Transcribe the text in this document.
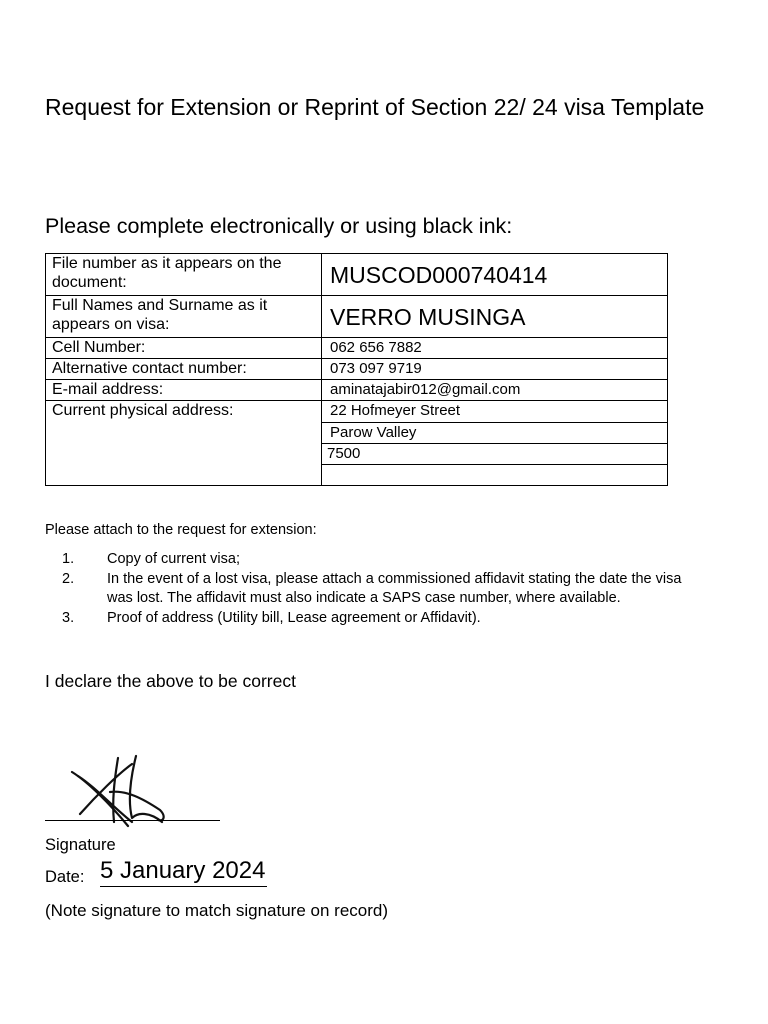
Request for Extension or Reprint of Section 22/ 24 visa Template

Please complete electronically or using black ink:

File number as it appears on the document:	MUSCOD000740414
Full Names and Surname as it appears on visa:	VERRO MUSINGA
Cell Number:	062 656 7882
Alternative contact number:	073 097 9719
E-mail address:	aminatajabir012@gmail.com
Current physical address:	22 Hofmeyer Street
	Parow Valley
	7500

Please attach to the request for extension:

1. Copy of current visa;
2. In the event of a lost visa, please attach a commissioned affidavit stating the date the visa was lost. The affidavit must also indicate a SAPS case number, where available.
3. Proof of address (Utility bill, Lease agreement or Affidavit).

I declare the above to be correct

Signature
Date: 5 January 2024
(Note signature to match signature on record)
